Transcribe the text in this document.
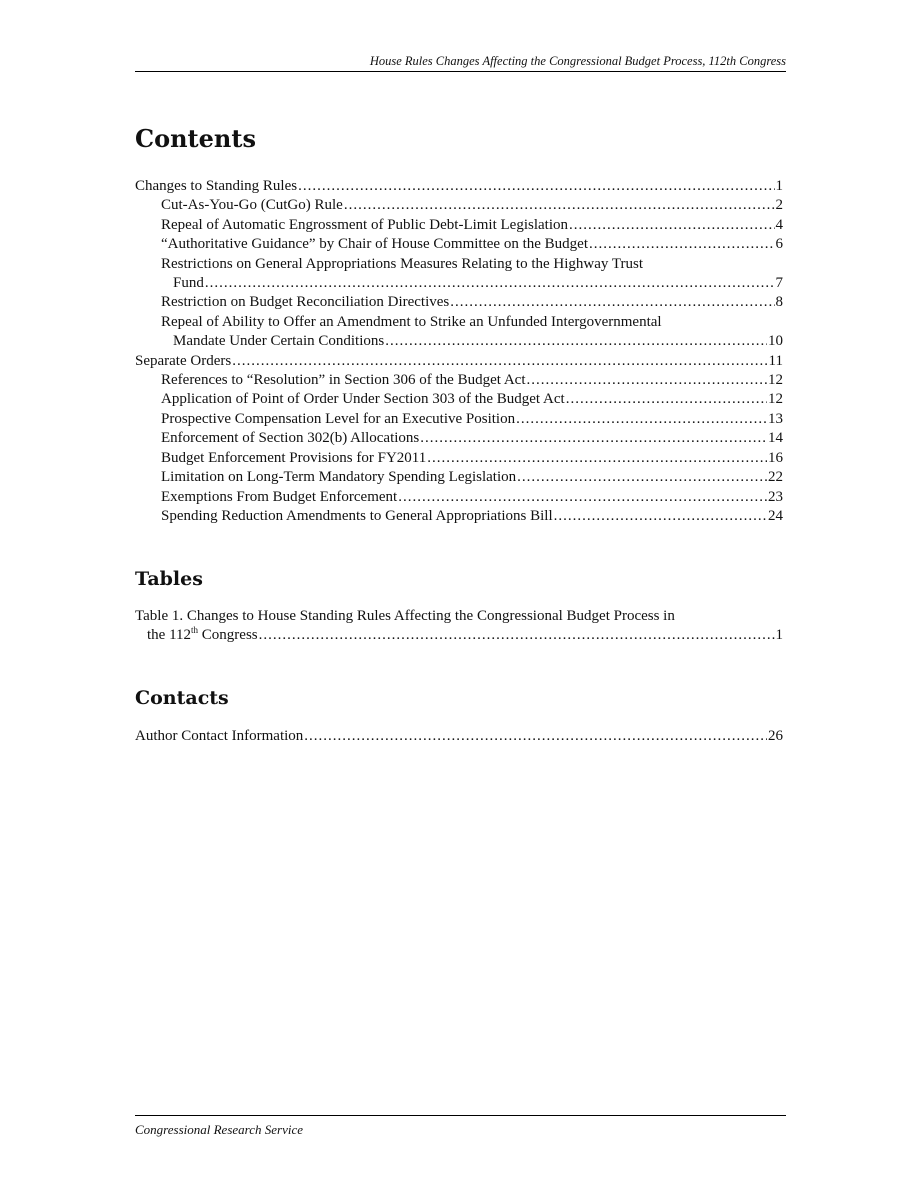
House Rules Changes Affecting the Congressional Budget Process, 112th Congress
Contents
Changes to Standing Rules .....	1
Cut-As-You-Go (CutGo) Rule .....	2
Repeal of Automatic Engrossment of Public Debt-Limit Legislation .....	4
“Authoritative Guidance” by Chair of House Committee on the Budget .....	6
Restrictions on General Appropriations Measures Relating to the Highway Trust
Fund .....	7
Restriction on Budget Reconciliation Directives .....	8
Repeal of Ability to Offer an Amendment to Strike an Unfunded Intergovernmental
Mandate Under Certain Conditions .....	10
Separate Orders .....	11
References to “Resolution” in Section 306 of the Budget Act .....	12
Application of Point of Order Under Section 303 of the Budget Act .....	12
Prospective Compensation Level for an Executive Position .....	13
Enforcement of Section 302(b) Allocations .....	14
Budget Enforcement Provisions for FY2011 .....	16
Limitation on Long-Term Mandatory Spending Legislation .....	22
Exemptions From Budget Enforcement .....	23
Spending Reduction Amendments to General Appropriations Bill .....	24
Tables
Table 1. Changes to House Standing Rules Affecting the Congressional Budget Process in
the 112th Congress .....	1
Contacts
Author Contact Information .....	26
Congressional Research Service
